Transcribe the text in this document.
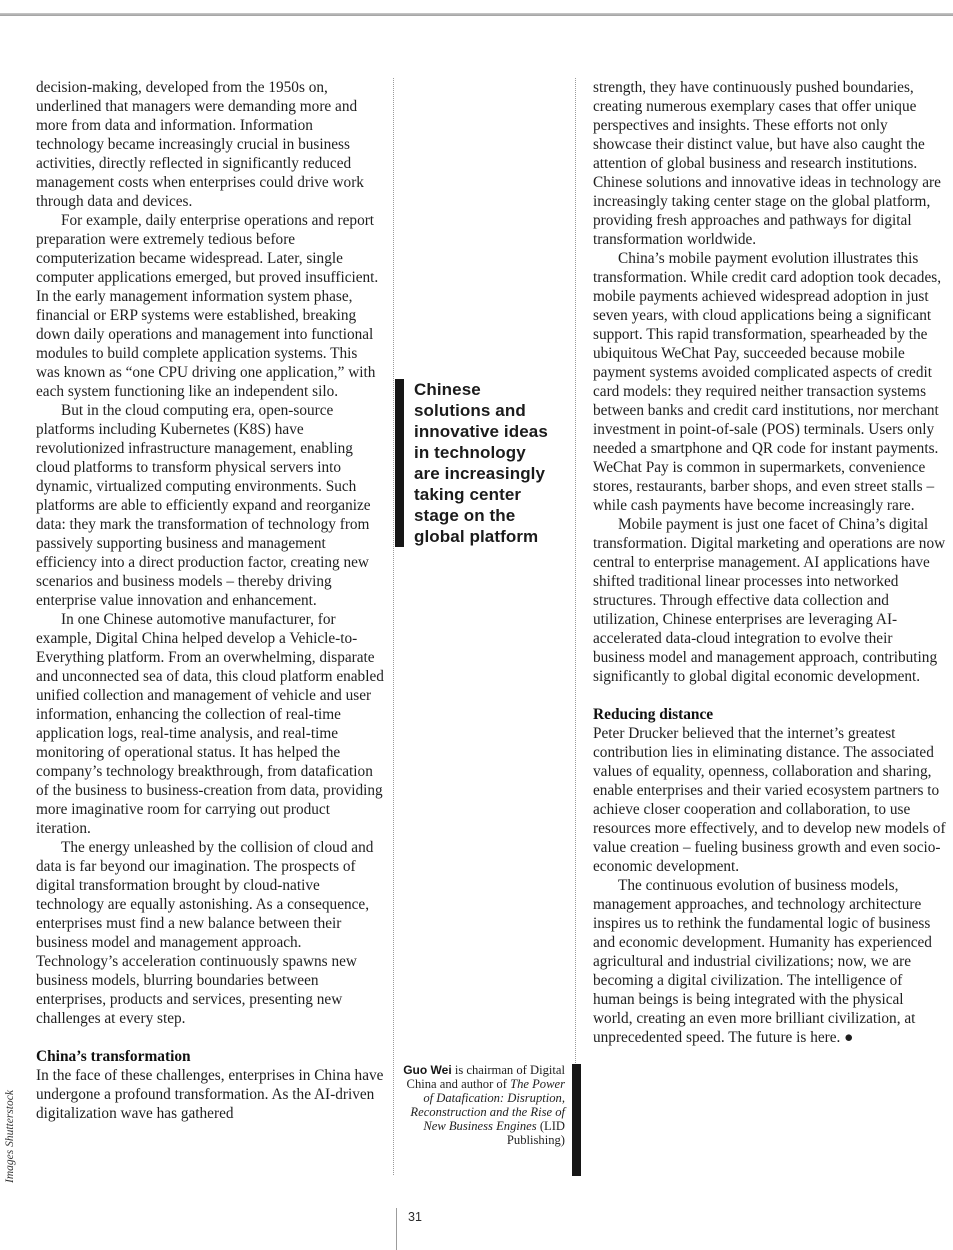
decision-making, developed from the 1950s on, underlined that managers were demanding more and more from data and information. Information technology became increasingly crucial in business activities, directly reflected in significantly reduced management costs when enterprises could drive work through data and devices.

For example, daily enterprise operations and report preparation were extremely tedious before computerization became widespread. Later, single computer applications emerged, but proved insufficient. In the early management information system phase, financial or ERP systems were established, breaking down daily operations and management into functional modules to build complete application systems. This was known as “one CPU driving one application,” with each system functioning like an independent silo.

But in the cloud computing era, open-source platforms including Kubernetes (K8S) have revolutionized infrastructure management, enabling cloud platforms to transform physical servers into dynamic, virtualized computing environments. Such platforms are able to efficiently expand and reorganize data: they mark the transformation of technology from passively supporting business and management efficiency into a direct production factor, creating new scenarios and business models – thereby driving enterprise value innovation and enhancement.

In one Chinese automotive manufacturer, for example, Digital China helped develop a Vehicle-to-Everything platform. From an overwhelming, disparate and unconnected sea of data, this cloud platform enabled unified collection and management of vehicle and user information, enhancing the collection of real-time application logs, real-time analysis, and real-time monitoring of operational status. It has helped the company’s technology breakthrough, from datafication of the business to business-creation from data, providing more imaginative room for carrying out product iteration.

The energy unleashed by the collision of cloud and data is far beyond our imagination. The prospects of digital transformation brought by cloud-native technology are equally astonishing. As a consequence, enterprises must find a new balance between their business model and management approach. Technology’s acceleration continuously spawns new business models, blurring boundaries between enterprises, products and services, presenting new challenges at every step.

China’s transformation

In the face of these challenges, enterprises in China have undergone a profound transformation. As the AI-driven digitalization wave has gathered

strength, they have continuously pushed boundaries, creating numerous exemplary cases that offer unique perspectives and insights. These efforts not only showcase their distinct value, but have also caught the attention of global business and research institutions. Chinese solutions and innovative ideas in technology are increasingly taking center stage on the global platform, providing fresh approaches and pathways for digital transformation worldwide.

China’s mobile payment evolution illustrates this transformation. While credit card adoption took decades, mobile payments achieved widespread adoption in just seven years, with cloud applications being a significant support. This rapid transformation, spearheaded by the ubiquitous WeChat Pay, succeeded because mobile payment systems avoided complicated aspects of credit card models: they required neither transaction systems between banks and credit card institutions, nor merchant investment in point-of-sale (POS) terminals. Users only needed a smartphone and QR code for instant payments. WeChat Pay is common in supermarkets, convenience stores, restaurants, barber shops, and even street stalls – while cash payments have become increasingly rare.

Mobile payment is just one facet of China’s digital transformation. Digital marketing and operations are now central to enterprise management. AI applications have shifted traditional linear processes into networked structures. Through effective data collection and utilization, Chinese enterprises are leveraging AI-accelerated data-cloud integration to evolve their business model and management approach, contributing significantly to global digital economic development.

Reducing distance

Peter Drucker believed that the internet’s greatest contribution lies in eliminating distance. The associated values of equality, openness, collaboration and sharing, enable enterprises and their varied ecosystem partners to achieve closer cooperation and collaboration, to use resources more effectively, and to develop new models of value creation – fueling business growth and even socio-economic development.

The continuous evolution of business models, management approaches, and technology architecture inspires us to rethink the fundamental logic of business and economic development. Humanity has experienced agricultural and industrial civilizations; now, we are becoming a digital civilization. The intelligence of human beings is being integrated with the physical world, creating an even more brilliant civilization, at unprecedented speed. The future is here. ●

Chinese
solutions and
innovative ideas
in technology
are increasingly
taking center
stage on the
global platform
Guo Wei is chairman of Digital China and author of The Power of Datafication: Disruption, Reconstruction and the Rise of New Business Engines (LID Publishing)
Images Shutterstock
31
